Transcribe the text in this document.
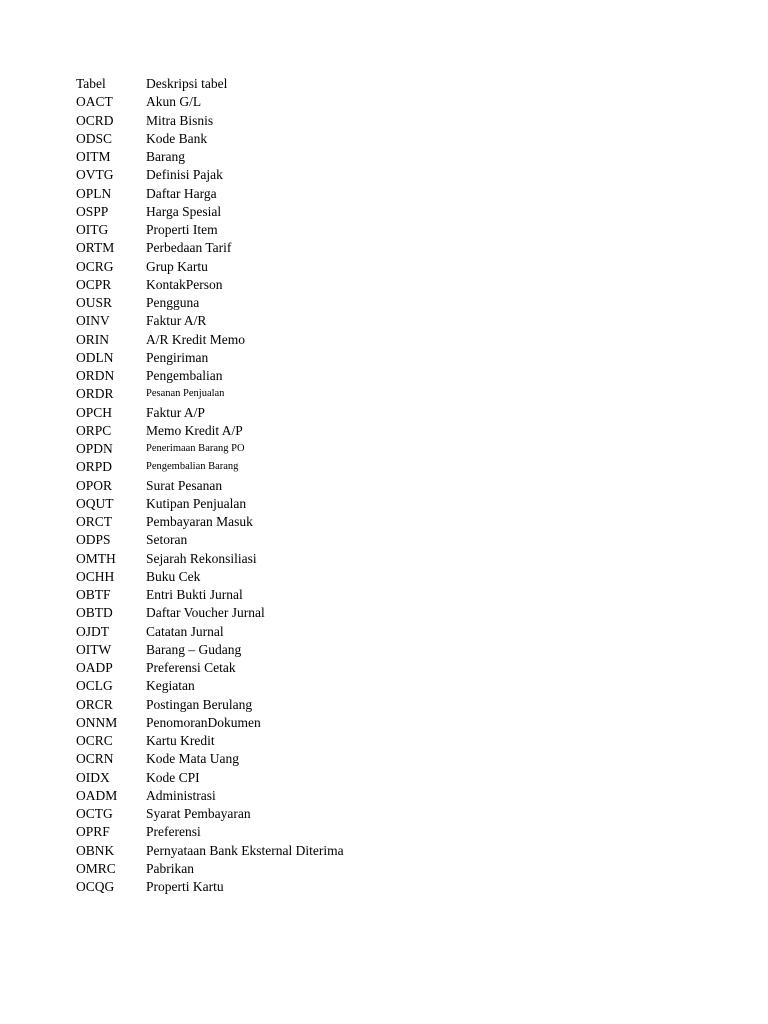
Tabel	Deskripsi tabel
OACT	Akun G/L
OCRD	Mitra Bisnis
ODSC	Kode Bank
OITM	Barang
OVTG	Definisi Pajak
OPLN	Daftar Harga
OSPP	Harga Spesial
OITG	Properti Item
ORTM	Perbedaan Tarif
OCRG	Grup Kartu
OCPR	KontakPerson
OUSR	Pengguna
OINV	Faktur A/R
ORIN	A/R Kredit Memo
ODLN	Pengiriman
ORDN	Pengembalian
ORDR	Pesanan Penjualan
OPCH	Faktur A/P
ORPC	Memo Kredit A/P
OPDN	Penerimaan Barang PO
ORPD	Pengembalian Barang
OPOR	Surat Pesanan
OQUT	Kutipan Penjualan
ORCT	Pembayaran Masuk
ODPS	Setoran
OMTH	Sejarah Rekonsiliasi
OCHH	Buku Cek
OBTF	Entri Bukti Jurnal
OBTD	Daftar Voucher Jurnal
OJDT	Catatan Jurnal
OITW	Barang – Gudang
OADP	Preferensi Cetak
OCLG	Kegiatan
ORCR	Postingan Berulang
ONNM	PenomoranDokumen
OCRC	Kartu Kredit
OCRN	Kode Mata Uang
OIDX	Kode CPI
OADM	Administrasi
OCTG	Syarat Pembayaran
OPRF	Preferensi
OBNK	Pernyataan Bank Eksternal Diterima
OMRC	Pabrikan
OCQG	Properti Kartu
